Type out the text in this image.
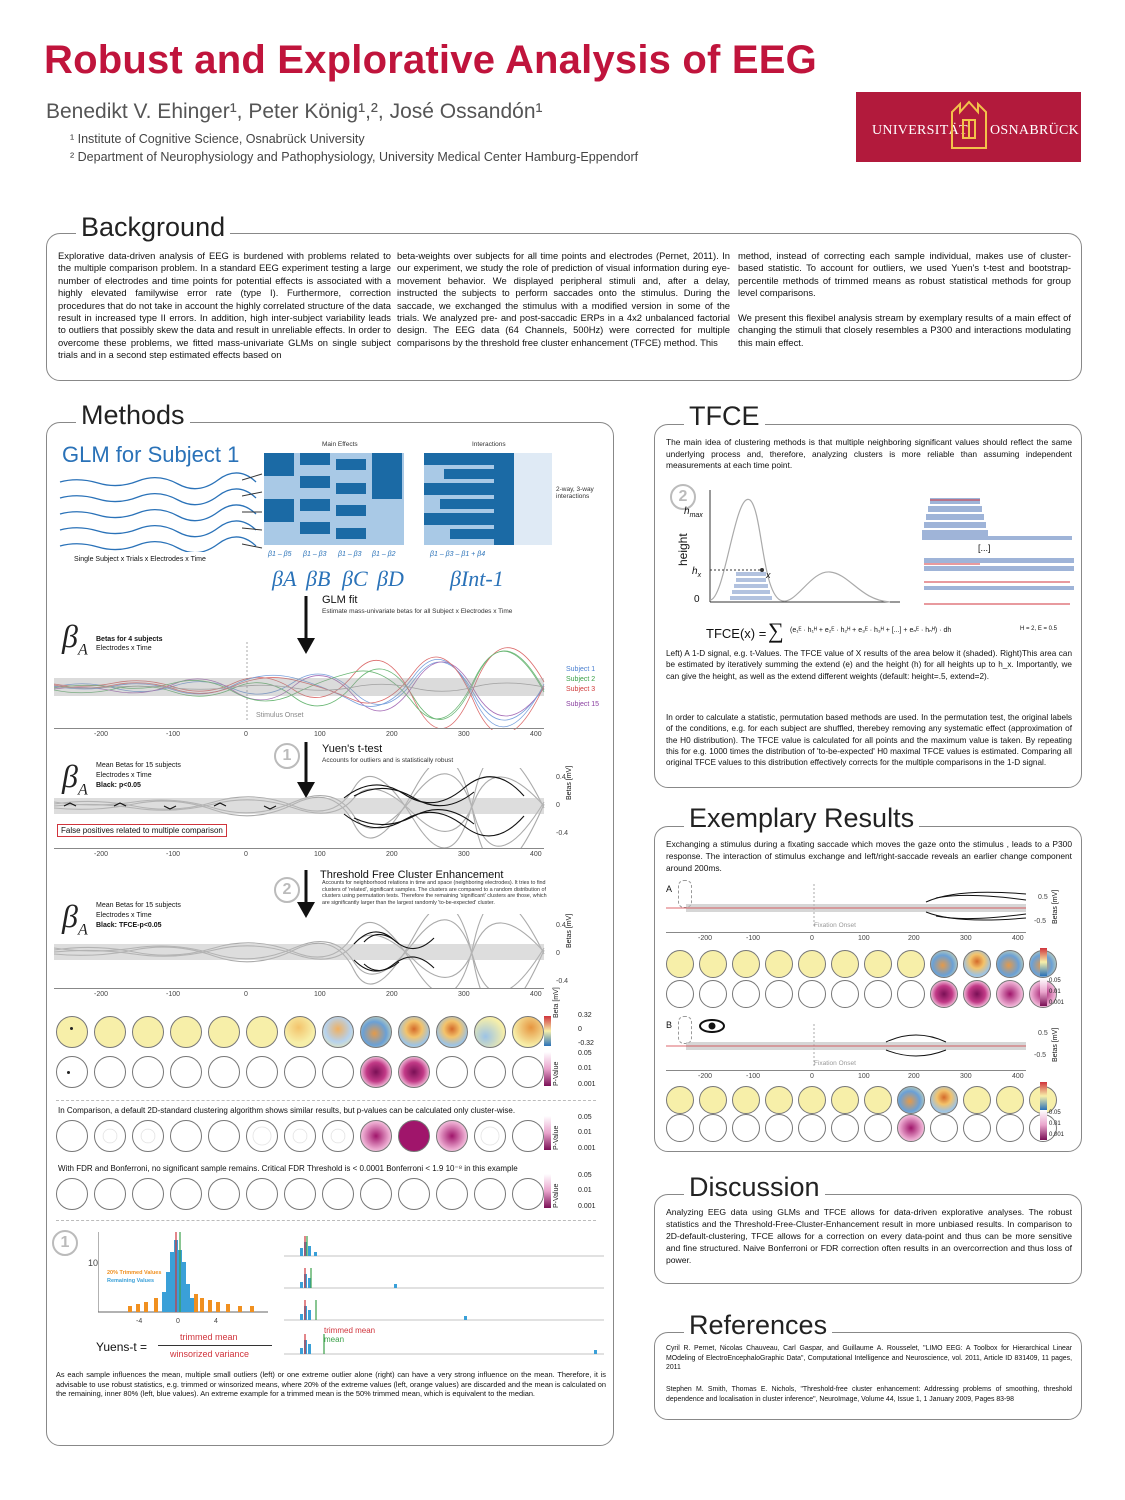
Robust and Explorative Analysis of EEG
Benedikt V. Ehinger¹, Peter König¹,², José Ossandón¹
¹ Institute of Cognitive Science, Osnabrück University
² Department of Neurophysiology and Pathophysiology, University Medical Center Hamburg-Eppendorf
UNIVERSITÄT OSNABRÜCK
Background
Explorative data-driven analysis of EEG is burdened with problems related to the multiple comparison problem. In a standard EEG experiment testing a large number of electrodes and time points for potential effects is associated with a highly elevated familywise error rate (type I). Furthermore, correction procedures that do not take in account the highly correlated structure of the data result in increased type II errors. In addition, high inter-subject variability leads to outliers that possibly skew the data and result in unreliable effects. In order to overcome these problems, we fitted mass-univariate GLMs on single subject trials and in a second step estimated effects based on
beta-weights over subjects for all time points and electrodes (Pernet, 2011). In our experiment, we study the role of prediction of visual information during eye-movement behavior. We displayed peripheral stimuli and, after a delay, instructed the subjects to perform saccades onto the stimulus. During the saccade, we exchanged the stimulus with a modified version in some of the trials. We analyzed pre- and post-saccadic ERPs in a 4x2 unbalanced factorial design. The EEG data (64 Channels, 500Hz) were corrected for multiple comparisons by the threshold free cluster enhancement (TFCE) method. This
method, instead of correcting each sample individual, makes use of cluster-based statistic. To account for outliers, we used Yuen's t-test and bootstrap-percentile methods of trimmed means as robust statistical methods for group level comparisons.
We present this flexibel analysis stream by exemplary results of a main effect of changing the stimuli that closely resembles a P300 and interactions modulating this main effect.
Methods
GLM for Subject 1
Single Subject x Trials x Electrodes x Time
Main Effects	Interactions
2-way, 3-way interactions
β1 – β5 β1 – β3 β1 – β3 β1 – β2	β1 – β3 – β1 + β4
βA βB βC βD βInt-1
GLM fit
Estimate mass-univariate betas for all Subject x Electrodes x Time
$\beta_A$
Betas for 4 subjects
Electrodes x Time
Subject 1
Subject 2
Subject 3
Subject 15
Stimulus Onset
-200	-100	0	100	200	300	400
1	Yuen's t-test
Accounts for outliers and is statistically robust
$\beta_A$
Mean Betas for 15 subjects
Electrodes x Time
Black: p<0.05
0.4
0
-0.4
Betas [mV]
False positives related to multiple comparison
-200	-100	0	100	200	300	400
2
Threshold Free Cluster Enhancement
Accounts for neighborhood relations in time and space (neighboring electrodes). It tries to find clusters of 'related', significant samples. The clusters are compared to a random distribution of clusters using permutation tests. Therefore the remaining 'significant' clusters are those, which are significantly larger than the largest randomly 'to-be-expected' cluster.
$\beta_A$
Mean Betas for 15 subjects
Electrodes x Time
Black: TFCE-p<0.05	0.4
0
-0.4
Betas [mV]
-200	-100	0	100	200	300	400 Beta [mV]	0.32
0
-0.32
P-Value
0.05
0.01
0.001
In Comparison, a default 2D-standard clustering algorithm shows similar results, but p-values can be calculated only cluster-wise.
P-Value
0.05
0.01
0.001
With FDR and Bonferroni, no significant sample remains. Critical FDR Threshold is < 0.0001 Bonferroni < 1.9 10⁻⁸ in this example
P-Value
0.05
0.01
0.001
1
10
-4	0	4
20% Trimmed Values
Remaining Values
Yuens-t =
trimmed mean
winsorized variance
trimmed mean
mean
As each sample influences the mean, multiple small outliers (left) or one extreme outlier alone (right) can have a very strong influence on the mean. Therefore, it is advisable to use robust statistics, e.g. trimmed or winsorized means, where 20% of the extreme values (left, orange values) are discarded and the mean is calculated on the remaining, inner 80% (left, blue values). An extreme example for a trimmed mean is the 50% trimmed mean, which is equivalent to the median.
TFCE
The main idea of clustering methods is that multiple neighboring significant values should reflect the same underlying process and, therefore, analyzing clusters is more reliable than assuming independent measurements at each time point.
2
$h_{max}$
height
$h_x$	x
0
[...]
TFCE(x) = ∑ (e₁ᴱ · h₁ᴴ + e₂ᴱ · h₂ᴴ + e₃ᴱ · h₃ᴴ + [...] + eₙᴱ · hₙᴴ) · dh	H = 2, E = 0.5
Left) A 1-D signal, e.g. t-Values. The TFCE value of X results of the area below it (shaded). Right)This area can be estimated by iteratively summing the extend (e) and the height (h) for all heights up to h_x. Importantly, we can give the height, as well as the extend different weights (default: height=.5, extend=2).
In order to calculate a statistic, permutation based methods are used. In the permutation test, the original labels of the conditions, e.g. for each subject are shuffled, therebey removing any systematic effect (approximation of the H0 distribution). The TFCE value is calculated for all points and the maximum value is taken. By repeating this for e.g. 1000 times the distribution of 'to-be-expected' H0 maximal TFCE values is estimated. Comparing all original TFCE values to this distribution effectively corrects for the multiple comparisons in the 1-D signal.
Exemplary Results
Exchanging a stimulus during a fixating saccade which moves the gaze onto the stimulus , leads to a P300 response. The interaction of stimulus exchange and left/right-saccade reveals an earlier change component around 200ms.
A
0.5
-0.5 Betas [mV]
Fixation Onset
-200	-100	0	100	200	300	400
0.05
0.01
0.001
B
0.5
-0.5 Betas [mV]
Fixation Onset
-200	-100	0	100	200	300	400
0.05
0.01
0.001
Discussion
Analyzing EEG data using GLMs and TFCE allows for data-driven explorative analyses. The robust statistics and the Threshold-Free-Cluster-Enhancement result in more unbiased results. In comparison to 2D-default-clustering, TFCE allows for a correction on every data-point and thus can be more sensitive and fine structured. Naive Bonferroni or FDR correction often results in an overcorrection and thus loss of power.
References
Cyril R. Pernet, Nicolas Chauveau, Carl Gaspar, and Guillaume A. Rousselet, "LIMO EEG: A Toolbox for Hierarchical Linear MOdeling of ElectroEncephaloGraphic Data", Computational Intelligence and Neuroscience, vol. 2011, Article ID 831409, 11 pages, 2011
Stephen M. Smith, Thomas E. Nichols, "Threshold-free cluster enhancement: Addressing problems of smoothing, threshold dependence and localisation in cluster inference", NeuroImage, Volume 44, Issue 1, 1 January 2009, Pages 83-98
